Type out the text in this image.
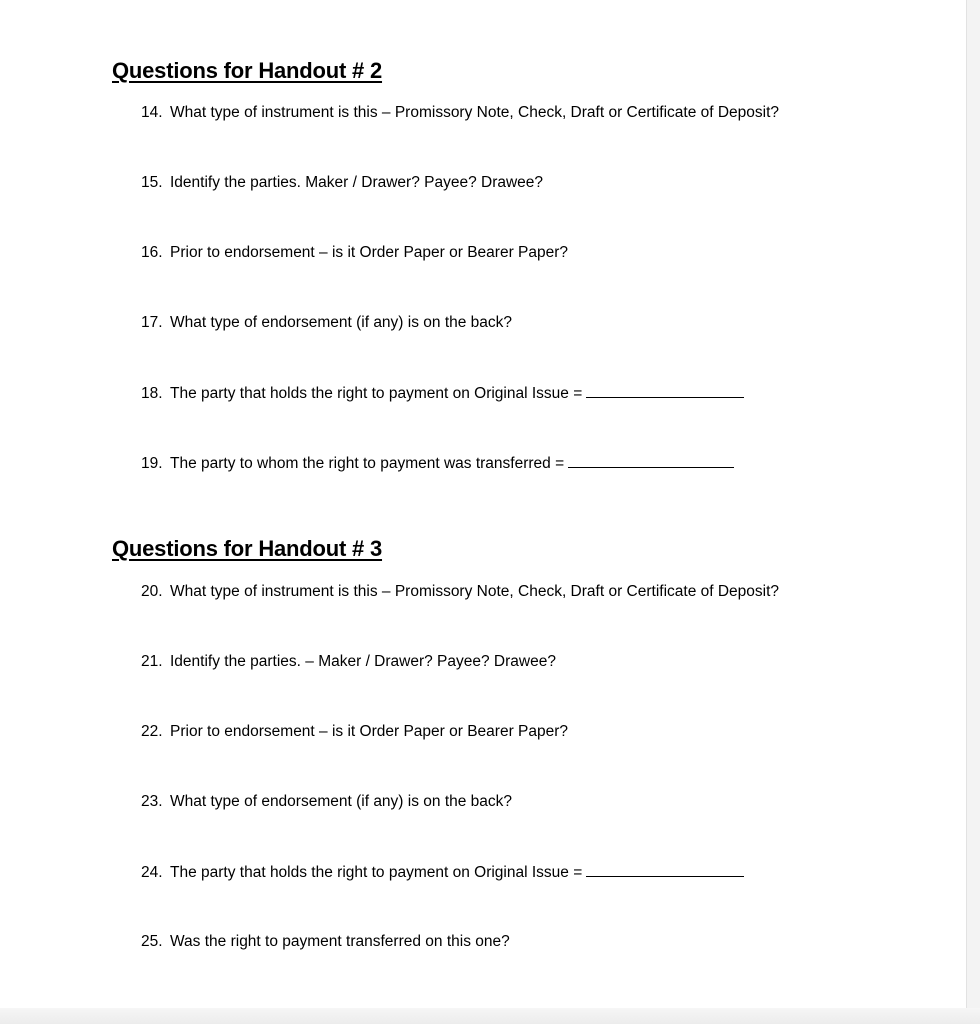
Questions for Handout # 2
14. What type of instrument is this – Promissory Note, Check, Draft or Certificate of Deposit?
15. Identify the parties. Maker / Drawer? Payee? Drawee?
16. Prior to endorsement – is it Order Paper or Bearer Paper?
17. What type of endorsement (if any) is on the back?
18. The party that holds the right to payment on Original Issue =
19. The party to whom the right to payment was transferred =
Questions for Handout # 3
20. What type of instrument is this – Promissory Note, Check, Draft or Certificate of Deposit?
21. Identify the parties. – Maker / Drawer? Payee? Drawee?
22. Prior to endorsement – is it Order Paper or Bearer Paper?
23. What type of endorsement (if any) is on the back?
24. The party that holds the right to payment on Original Issue =
25. Was the right to payment transferred on this one?
